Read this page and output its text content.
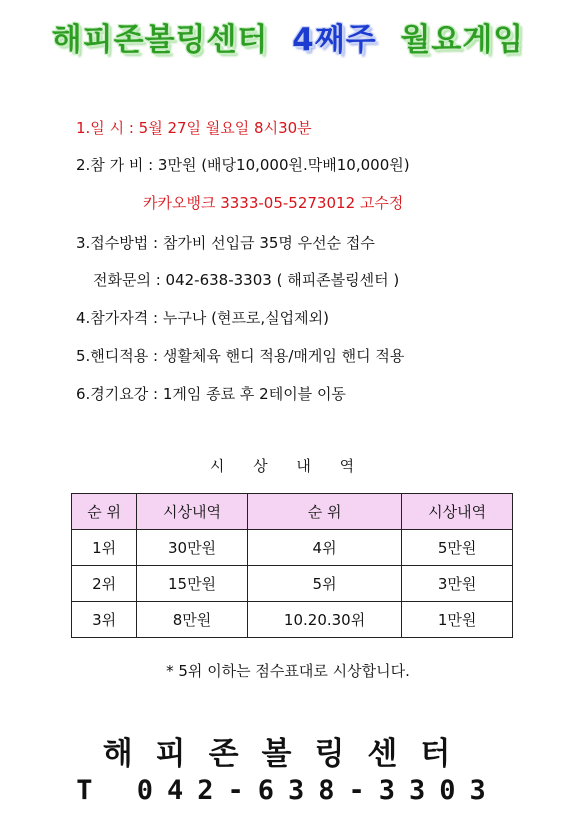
해피존볼링센터 4째주 월요게임
1.일 시 : 5월 27일 월요일 8시30분
2.참 가 비 : 3만원 (배당10,000원.막배10,000원)
카카오뱅크 3333-05-5273012 고수정
3.접수방법 : 참가비 선입금 35명 우선순 접수
전화문의 : 042-638-3303 ( 해피존볼링센터 )
4.참가자격 : 누구나 (현프로,실업제외)
5.핸디적용 : 생활체육 핸디 적용/매게임 핸디 적용
6.경기요강 : 1게임 종료 후 2테이블 이동
시 상 내 역
순 위	시상내역	순 위	시상내역
1위	30만원	4위	5만원
2위	15만원	5위	3만원
3위	8만원	10.20.30위	1만원
* 5위 이하는 점수표대로 시상합니다.
해피존볼링센터
T 042-638-3303
